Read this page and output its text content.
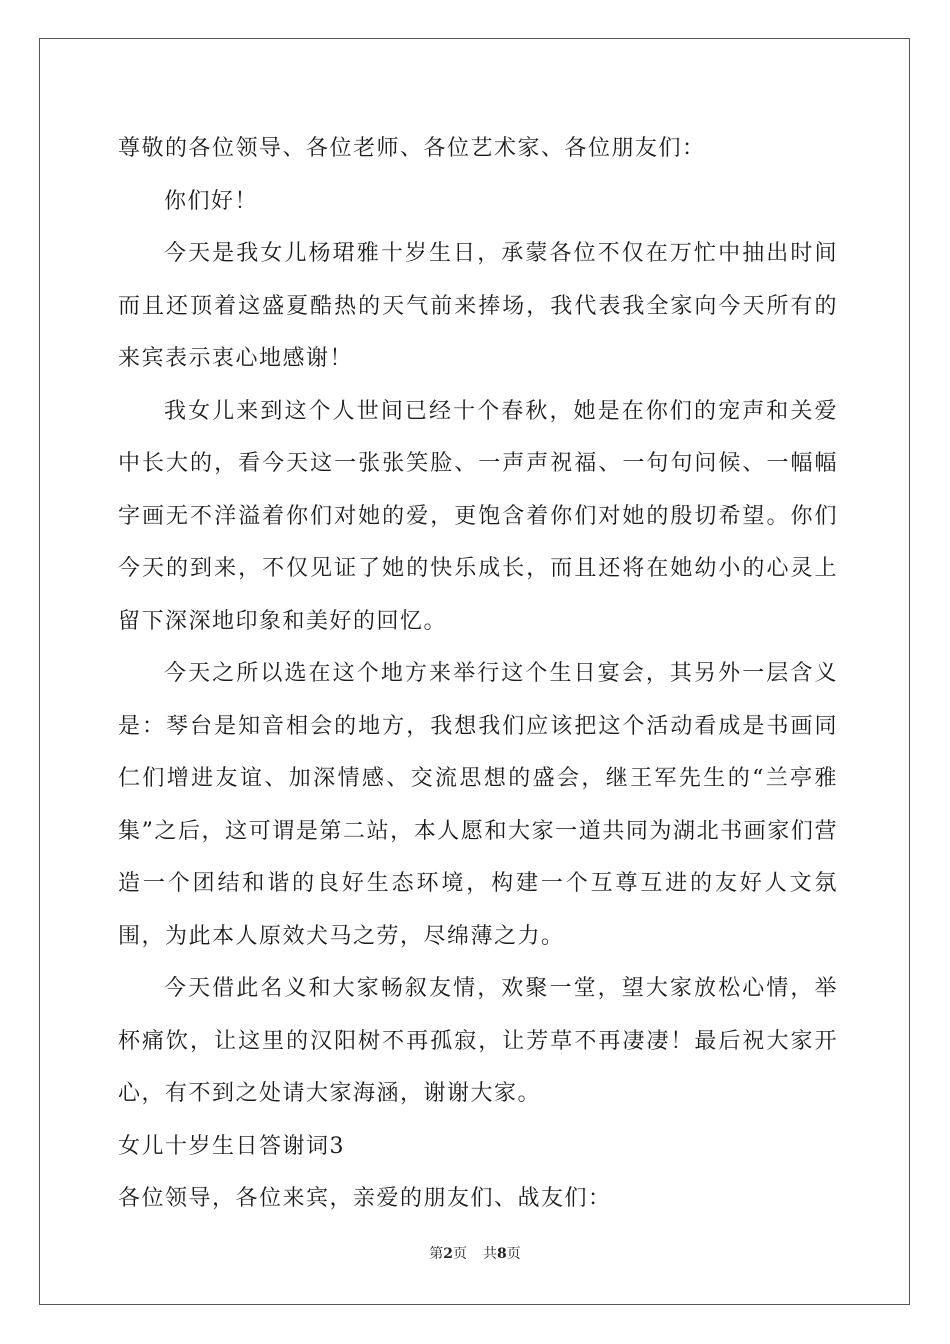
尊敬的各位领导、各位老师、各位艺术家、各位朋友们：

你们好！

今天是我女儿杨珺雅十岁生日，承蒙各位不仅在万忙中抽出时间而且还顶着这盛夏酷热的天气前来捧场，我代表我全家向今天所有的来宾表示衷心地感谢！

我女儿来到这个人世间已经十个春秋，她是在你们的宠声和关爱中长大的，看今天这一张张笑脸、一声声祝福、一句句问候、一幅幅字画无不洋溢着你们对她的爱，更饱含着你们对她的殷切希望。你们今天的到来，不仅见证了她的快乐成长，而且还将在她幼小的心灵上留下深深地印象和美好的回忆。

今天之所以选在这个地方来举行这个生日宴会，其另外一层含义是：琴台是知音相会的地方，我想我们应该把这个活动看成是书画同仁们增进友谊、加深情感、交流思想的盛会，继王军先生的“兰亭雅集”之后，这可谓是第二站，本人愿和大家一道共同为湖北书画家们营造一个团结和谐的良好生态环境，构建一个互尊互进的友好人文氛围，为此本人原效犬马之劳，尽绵薄之力。

今天借此名义和大家畅叙友情，欢聚一堂，望大家放松心情，举杯痛饮，让这里的汉阳树不再孤寂，让芳草不再凄凄！最后祝大家开心，有不到之处请大家海涵，谢谢大家。

女儿十岁生日答谢词3

各位领导，各位来宾，亲爱的朋友们、战友们：

第2页 共8页
